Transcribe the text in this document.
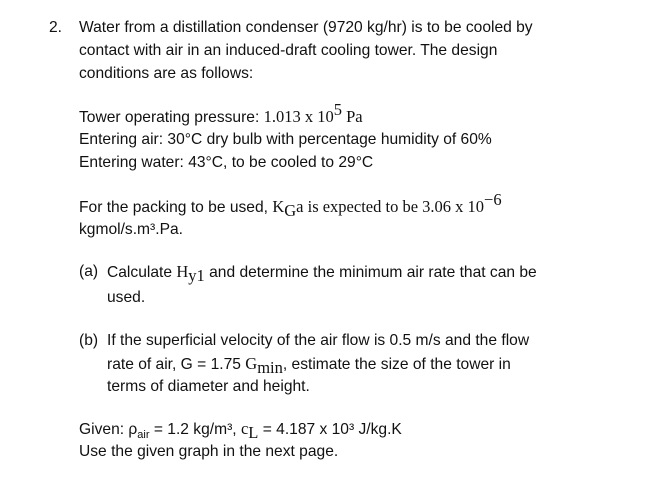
2. Water from a distillation condenser (9720 kg/hr) is to be cooled by
contact with air in an induced-draft cooling tower. The design
conditions are as follows:
Tower operating pressure: 1.013 x $10^5$ Pa
Entering air: 30°C dry bulb with percentage humidity of 60%
Entering water: 43°C, to be cooled to 29°C
For the packing to be used, $K_Ga$ is expected to be 3.06 x $10^{-6}$
kgmol/s.m³.Pa.
(a) Calculate $H_{y1}$ and determine the minimum air rate that can be
used.
(b) If the superficial velocity of the air flow is 0.5 m/s and the flow
rate of air, G = 1.75 $G_{min}$, estimate the size of the tower in
terms of diameter and height.
Given: $\rho_{air} = 1.2$ kg/m³, $c_L = 4.187$ x 10³ J/kg.K
Use the given graph in the next page.
